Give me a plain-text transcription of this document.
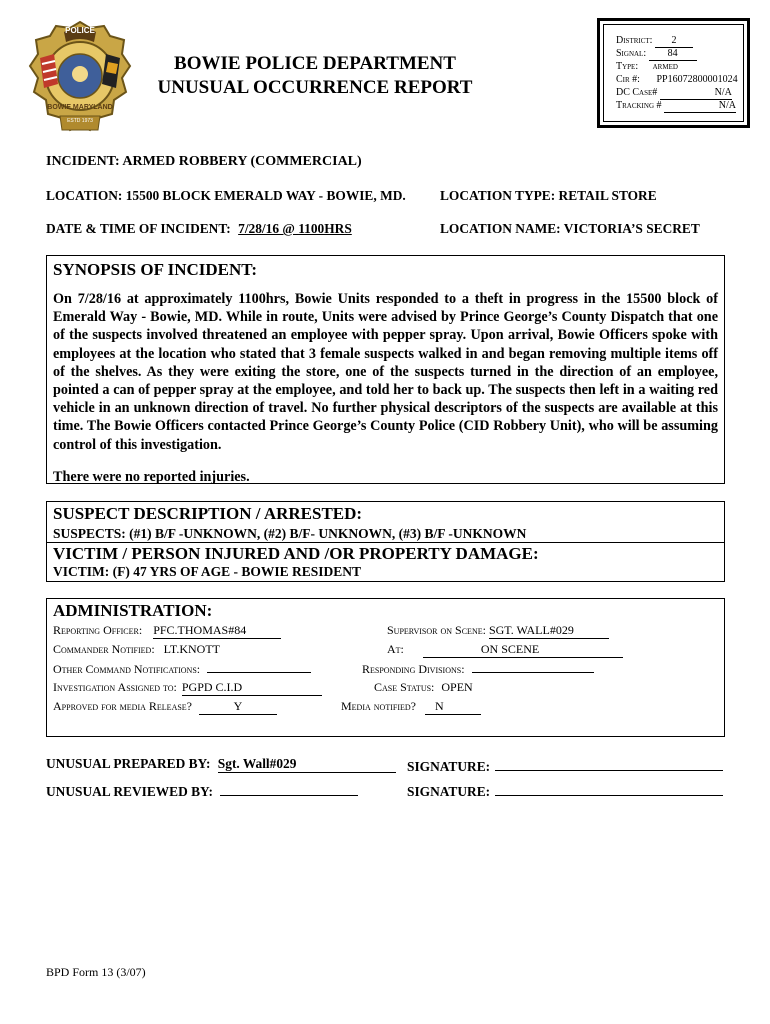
POLICE
BOWIE MARYLAND
ESTD 1973
BOWIE POLICE DEPARTMENT
UNUSUAL OCCURRENCE REPORT
District: 2
Signal: 84
Type: armed
Cir #: PP16072800001024
DC Case#	N/A
Tracking #	N/A
INCIDENT: ARMED ROBBERY (COMMERCIAL)
LOCATION: 15500 BLOCK EMERALD WAY - BOWIE, MD.	LOCATION TYPE: RETAIL STORE
DATE & TIME OF INCIDENT: 7/28/16 @ 1100HRS	LOCATION NAME: VICTORIA’S SECRET
SYNOPSIS OF INCIDENT:
On 7/28/16 at approximately 1100hrs, Bowie Units responded to a theft in progress in the 15500 block of Emerald Way - Bowie, MD. While in route, Units were advised by Prince George’s County Dispatch that one of the suspects involved threatened an employee with pepper spray. Upon arrival, Bowie Officers spoke with employees at the location who stated that 3 female suspects walked in and began removing multiple items off of the shelves. As they were exiting the store, one of the suspects turned in the direction of an employee, pointed a can of pepper spray at the employee, and told her to back up. The suspects then left in a waiting red vehicle in an unknown direction of travel. No further physical descriptors of the suspects are available at this time. The Bowie Officers contacted Prince George’s County Police (CID Robbery Unit), who will be assuming control of this investigation.
There were no reported injuries.
SUSPECT DESCRIPTION / ARRESTED:
SUSPECTS: (#1) B/F -UNKNOWN, (#2) B/F- UNKNOWN, (#3) B/F -UNKNOWN
VICTIM / PERSON INJURED AND /OR PROPERTY DAMAGE:
VICTIM: (F) 47 YRS OF AGE - BOWIE RESIDENT
ADMINISTRATION:
Reporting Officer: PFC.THOMAS#84	Supervisor on Scene: SGT. WALL#029
Commander Notified: LT.KNOTT	At:	ON SCENE
Other Command Notifications:	Responding Divisions:
Investigation Assigned to: PGPD C.I.D	Case Status: OPEN
Approved for media Release?	Y	Media notified? N
UNUSUAL PREPARED BY: Sgt. Wall#029	SIGNATURE:
UNUSUAL REVIEWED BY:	SIGNATURE:
BPD Form 13 (3/07)
